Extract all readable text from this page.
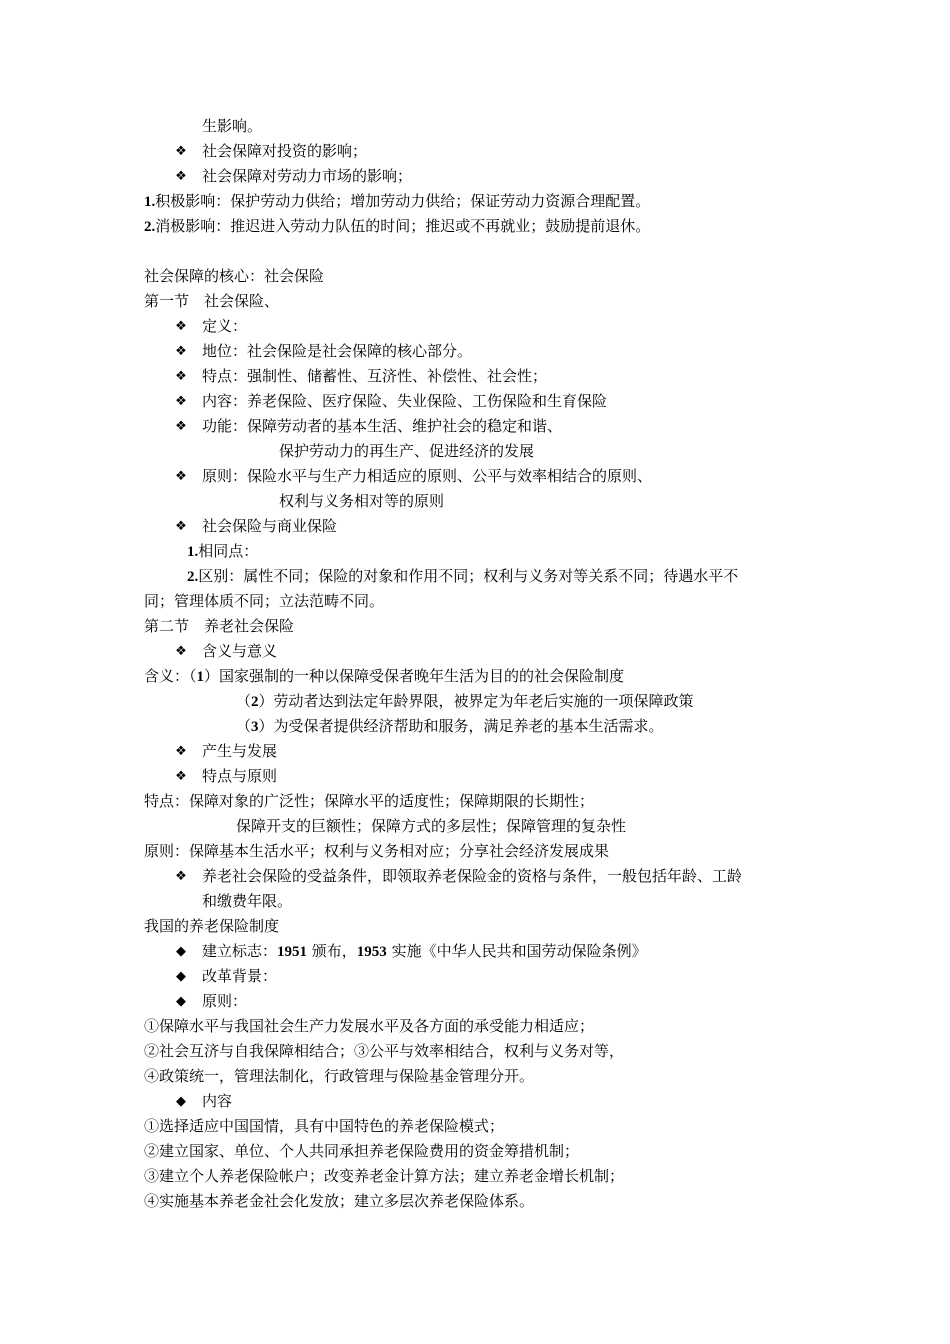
生影响。
❖ 社会保障对投资的影响；
❖ 社会保障对劳动力市场的影响；
1.积极影响：保护劳动力供给；增加劳动力供给；保证劳动力资源合理配置。
2.消极影响：推迟进入劳动力队伍的时间；推迟或不再就业；鼓励提前退休。
社会保障的核心：社会保险
第一节　社会保险、
❖ 定义：
❖ 地位：社会保险是社会保障的核心部分。
❖ 特点：强制性、储蓄性、互济性、补偿性、社会性；
❖ 内容：养老保险、医疗保险、失业保险、工伤保险和生育保险
❖ 功能：保障劳动者的基本生活、维护社会的稳定和谐、
保护劳动力的再生产、促进经济的发展
❖ 原则：保险水平与生产力相适应的原则、公平与效率相结合的原则、
权利与义务相对等的原则
❖ 社会保险与商业保险
1.相同点：
2.区别：属性不同；保险的对象和作用不同；权利与义务对等关系不同；待遇水平不
同；管理体质不同；立法范畴不同。
第二节　养老社会保险
❖ 含义与意义
含义：（1）国家强制的一种以保障受保者晚年生活为目的的社会保险制度
（2）劳动者达到法定年龄界限，被界定为年老后实施的一项保障政策
（3）为受保者提供经济帮助和服务，满足养老的基本生活需求。
❖ 产生与发展
❖ 特点与原则
特点：保障对象的广泛性；保障水平的适度性；保障期限的长期性；
保障开支的巨额性；保障方式的多层性；保障管理的复杂性
原则：保障基本生活水平；权利与义务相对应；分享社会经济发展成果
❖ 养老社会保险的受益条件，即领取养老保险金的资格与条件，一般包括年龄、工龄
和缴费年限。
我国的养老保险制度
◆ 建立标志：1951 颁布，1953 实施《中华人民共和国劳动保险条例》
◆ 改革背景：
◆ 原则：
①保障水平与我国社会生产力发展水平及各方面的承受能力相适应；
②社会互济与自我保障相结合；③公平与效率相结合，权利与义务对等，
④政策统一，管理法制化，行政管理与保险基金管理分开。
◆ 内容
①选择适应中国国情，具有中国特色的养老保险模式；
②建立国家、单位、个人共同承担养老保险费用的资金筹措机制；
③建立个人养老保险帐户；改变养老金计算方法；建立养老金增长机制；
④实施基本养老金社会化发放；建立多层次养老保险体系。
